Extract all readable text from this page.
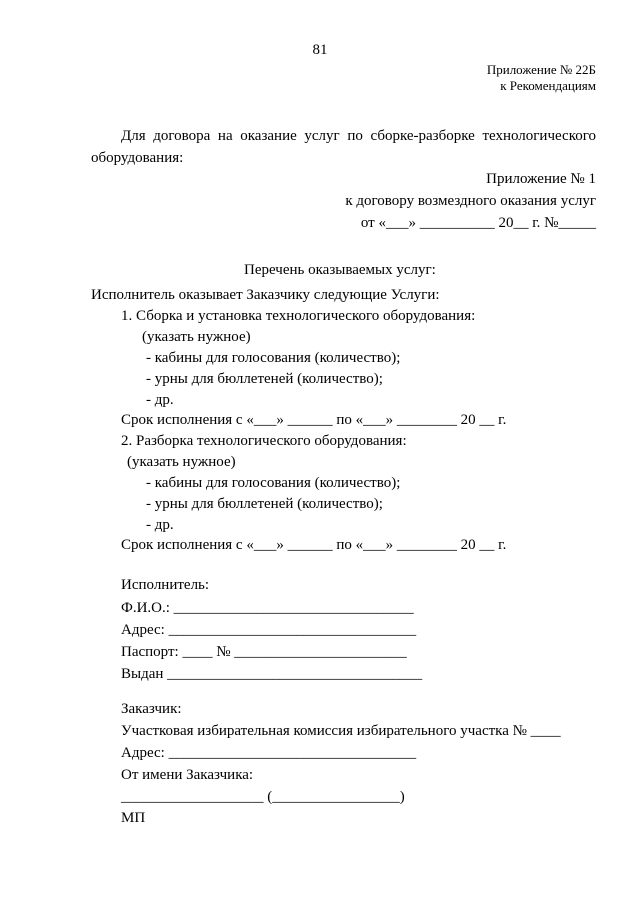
81
Приложение № 22Б
к Рекомендациям
Для договора на оказание услуг по сборке-разборке технологического
оборудования:
Приложение № 1
к договору возмездного оказания услуг
от «___» __________ 20__ г. №_____
Перечень оказываемых услуг:
Исполнитель оказывает Заказчику следующие Услуги:
1. Сборка и установка технологического оборудования:
(указать нужное)
- кабины для голосования (количество);
- урны для бюллетеней (количество);
- др.
Срок исполнения с «___» ______ по «___» ________ 20 __ г.
2. Разборка технологического оборудования:
(указать нужное)
- кабины для голосования (количество);
- урны для бюллетеней (количество);
- др.
Срок исполнения с «___» ______ по «___» ________ 20 __ г.
Исполнитель:
Ф.И.О.: ________________________________
Адрес: _________________________________
Паспорт: ____ № _______________________
Выдан __________________________________
Заказчик:
Участковая избирательная комиссия избирательного участка № ____
Адрес: _________________________________
От имени Заказчика:
___________________ (_________________)
МП
